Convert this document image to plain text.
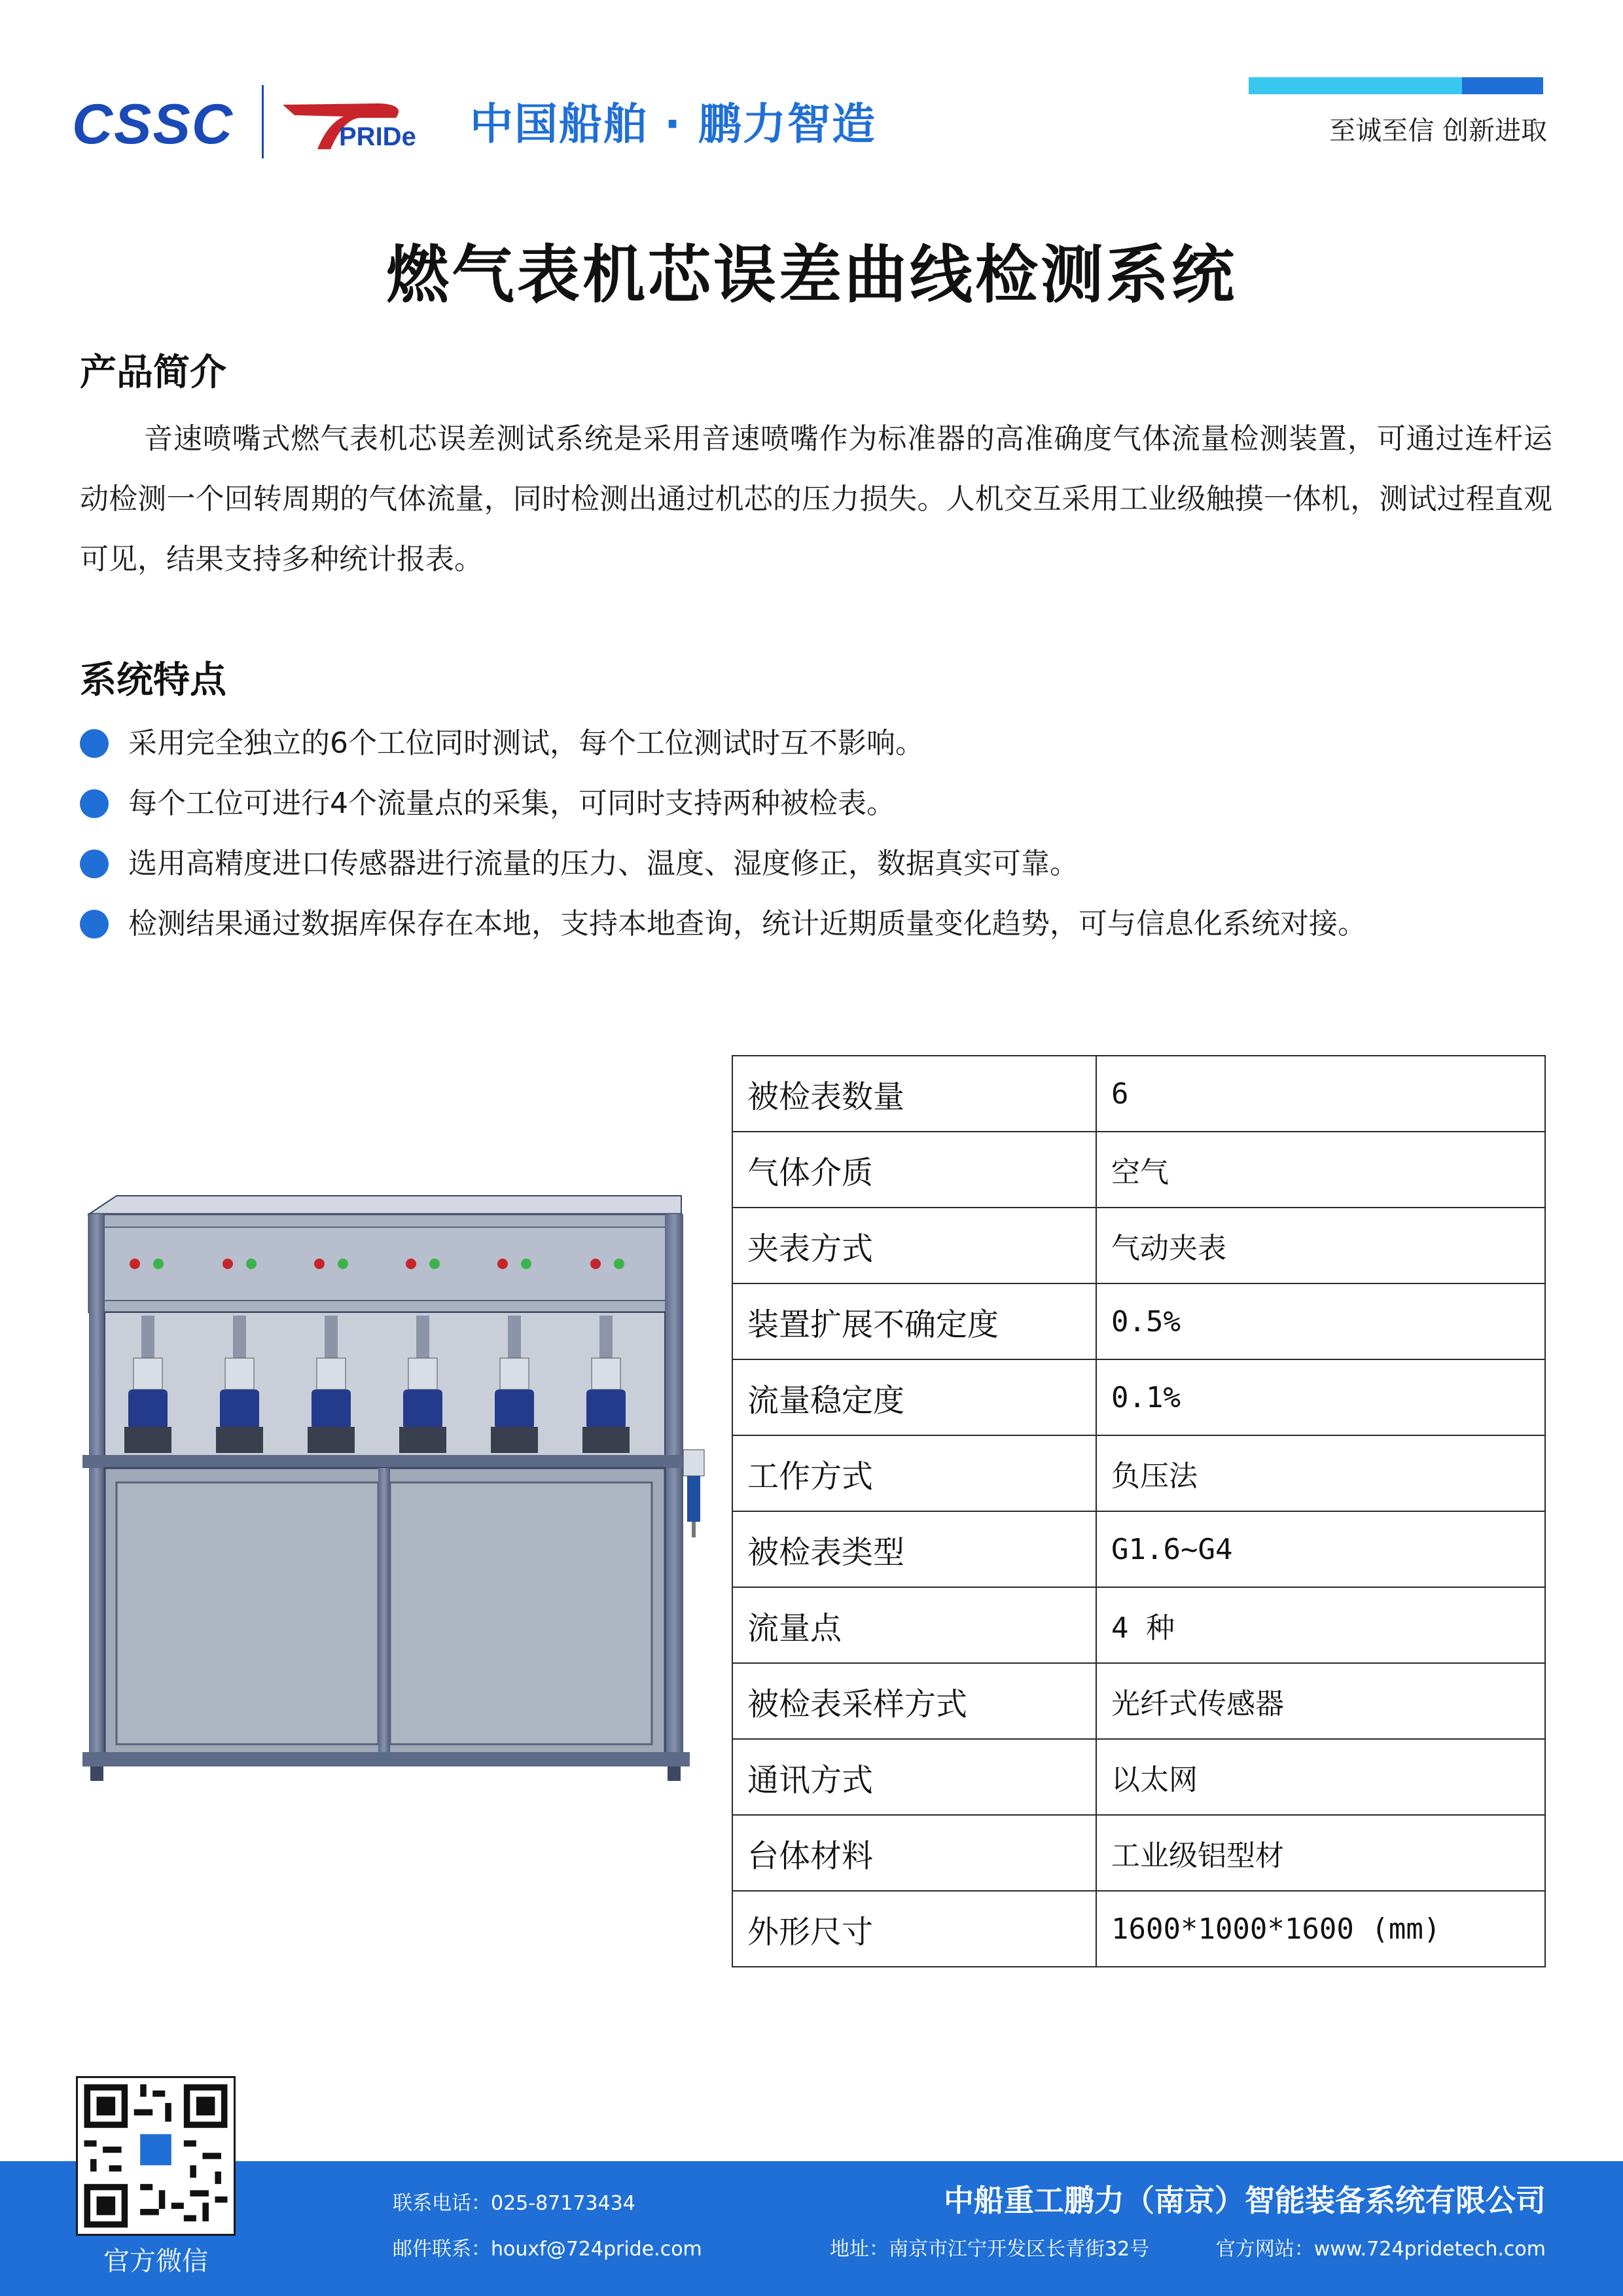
CSSC	PRIDe 中国船舶 · 鹏力智造	至诚至信 创新进取
燃气表机芯误差曲线检测系统
产品简介
音速喷嘴式燃气表机芯误差测试系统是采用音速喷嘴作为标准器的高准确度气体流量检测装置，可通过连杆运动检测一个回转周期的气体流量，同时检测出通过机芯的压力损失。人机交互采用工业级触摸一体机，测试过程直观可见，结果支持多种统计报表。
系统特点
采用完全独立的6个工位同时测试，每个工位测试时互不影响。
每个工位可进行4个流量点的采集，可同时支持两种被检表。
选用高精度进口传感器进行流量的压力、温度、湿度修正，数据真实可靠。
检测结果通过数据库保存在本地，支持本地查询，统计近期质量变化趋势，可与信息化系统对接。
被检表数量	6
气体介质	空气
夹表方式	气动夹表
装置扩展不确定度	0.5%
流量稳定度	0.1%
工作方式	负压法
被检表类型	G1.6~G4
流量点	4 种
被检表采样方式	光纤式传感器
通讯方式	以太网
台体材料	工业级铝型材
外形尺寸	1600*1000*1600 (mm)
官方微信
联系电话：025-87173434
邮件联系：houxf@724pride.com
中船重工鹏力（南京）智能装备系统有限公司
地址：南京市江宁开发区长青街32号	官方网站：www.724pridetech.com
